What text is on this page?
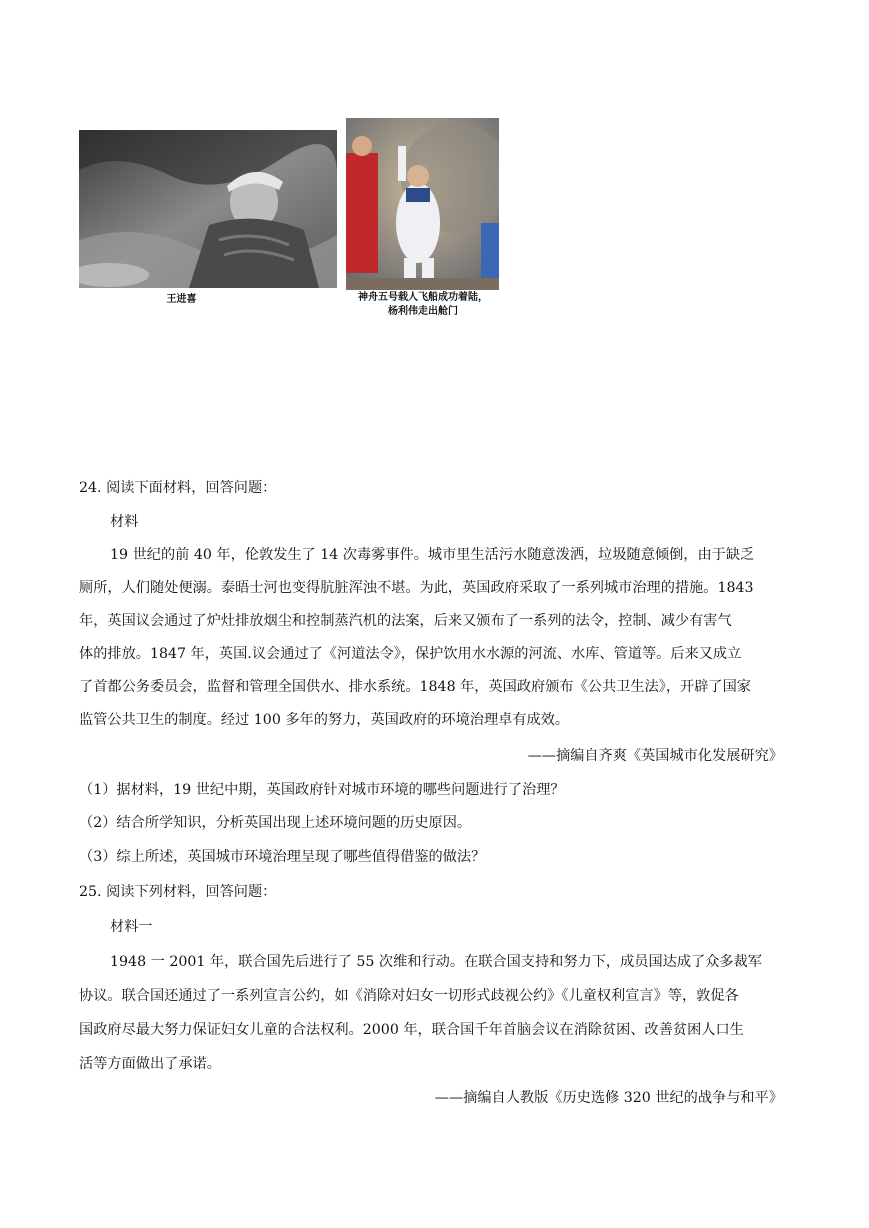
王进喜	神舟五号载人飞船成功着陆，
杨利伟走出舱门
24. 阅读下面材料，回答问题：
材料
19 世纪的前 40 年，伦敦发生了 14 次毒雾事件。城市里生活污水随意泼洒，垃圾随意倾倒，由于缺乏
厕所，人们随处便溺。泰晤士河也变得肮脏浑浊不堪。为此，英国政府采取了一系列城市治理的措施。1843
年，英国议会通过了炉灶排放烟尘和控制蒸汽机的法案，后来又颁布了一系列的法令，控制、减少有害气
体的排放。1847 年，英国.议会通过了《河道法令》，保护饮用水水源的河流、水库、管道等。后来又成立
了首都公务委员会，监督和管理全国供水、排水系统。1848 年，英国政府颁布《公共卫生法》，开辟了国家
监管公共卫生的制度。经过 100 多年的努力，英国政府的环境治理卓有成效。
——摘编自齐爽《英国城市化发展研究》
（1）据材料，19 世纪中期，英国政府针对城市环境的哪些问题进行了治理？
（2）结合所学知识，分析英国出现上述环境问题的历史原因。
（3）综上所述，英国城市环境治理呈现了哪些值得借鉴的做法？
25. 阅读下列材料，回答问题：
材料一
1948 一 2001 年，联合国先后进行了 55 次维和行动。在联合国支持和努力下，成员国达成了众多裁军
协议。联合国还通过了一系列宣言公约，如《消除对妇女一切形式歧视公约》《儿童权利宣言》等，敦促各
国政府尽最大努力保证妇女儿童的合法权利。2000 年，联合国千年首脑会议在消除贫困、改善贫困人口生
活等方面做出了承诺。
——摘编自人教版《历史选修 320 世纪的战争与和平》
